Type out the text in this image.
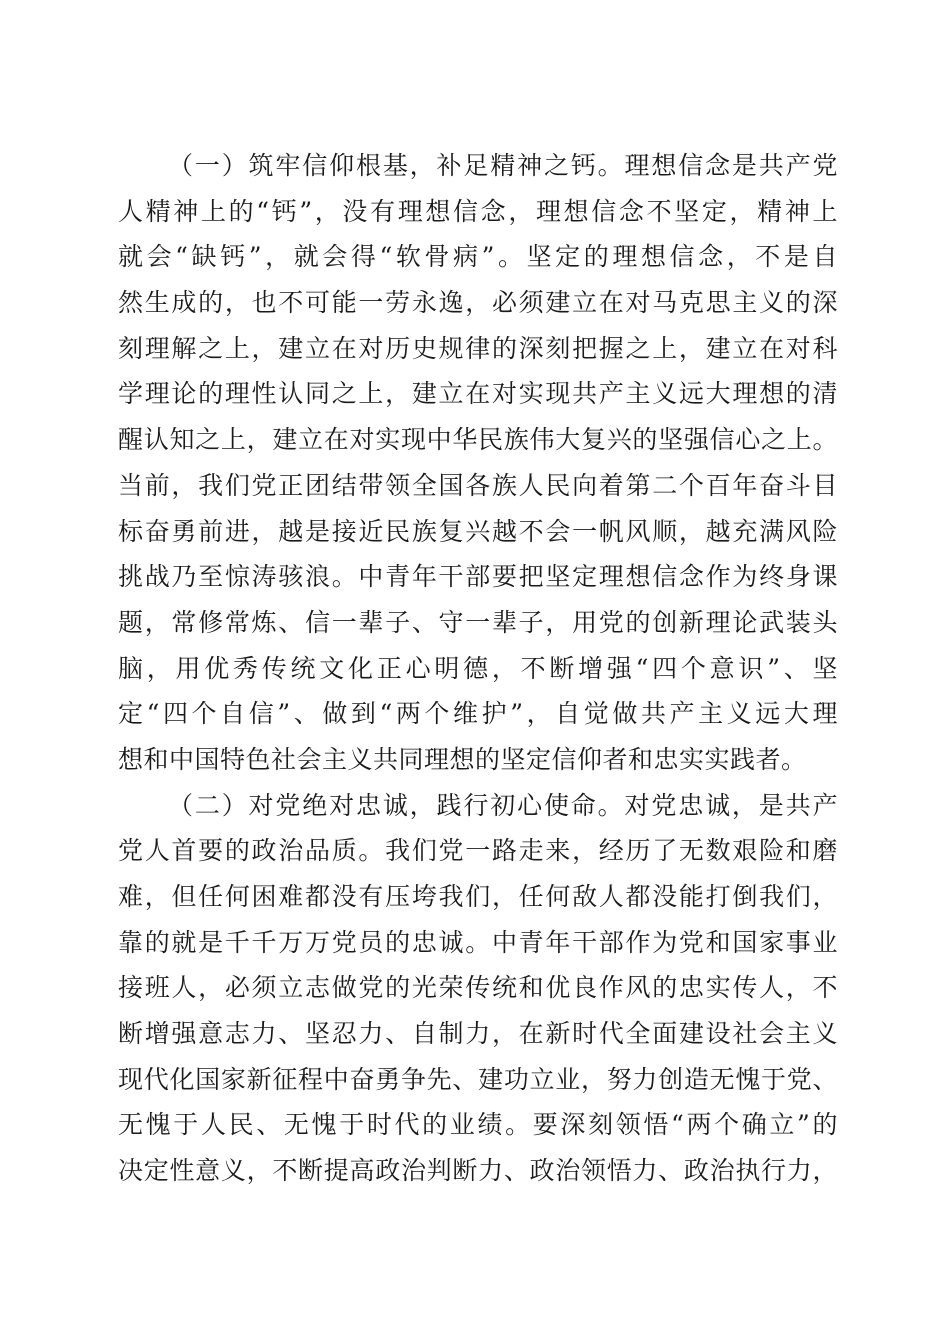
（一）筑牢信仰根基，补足精神之钙。理想信念是共产党
人精神上的“钙”，没有理想信念，理想信念不坚定，精神上
就会“缺钙”，就会得“软骨病”。坚定的理想信念，不是自
然生成的，也不可能一劳永逸，必须建立在对马克思主义的深
刻理解之上，建立在对历史规律的深刻把握之上，建立在对科
学理论的理性认同之上，建立在对实现共产主义远大理想的清
醒认知之上，建立在对实现中华民族伟大复兴的坚强信心之上。
当前，我们党正团结带领全国各族人民向着第二个百年奋斗目
标奋勇前进，越是接近民族复兴越不会一帆风顺，越充满风险
挑战乃至惊涛骇浪。中青年干部要把坚定理想信念作为终身课
题，常修常炼、信一辈子、守一辈子，用党的创新理论武装头
脑，用优秀传统文化正心明德，不断增强“四个意识”、坚
定“四个自信”、做到“两个维护”，自觉做共产主义远大理
想和中国特色社会主义共同理想的坚定信仰者和忠实实践者。
（二）对党绝对忠诚，践行初心使命。对党忠诚，是共产
党人首要的政治品质。我们党一路走来，经历了无数艰险和磨
难，但任何困难都没有压垮我们，任何敌人都没能打倒我们，
靠的就是千千万万党员的忠诚。中青年干部作为党和国家事业
接班人，必须立志做党的光荣传统和优良作风的忠实传人，不
断增强意志力、坚忍力、自制力，在新时代全面建设社会主义
现代化国家新征程中奋勇争先、建功立业，努力创造无愧于党、
无愧于人民、无愧于时代的业绩。要深刻领悟“两个确立”的
决定性意义，不断提高政治判断力、政治领悟力、政治执行力，
